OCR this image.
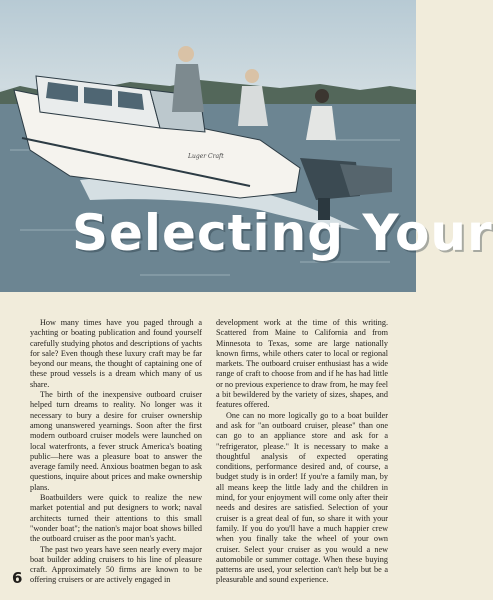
Luger Craft
Selecting Your

How many times have you paged through a yachting or boating publication and found yourself carefully studying photos and descriptions of yachts for sale? Even though these luxury craft may be far beyond our means, the thought of captaining one of these proud vessels is a dream which many of us share.

The birth of the inexpensive outboard cruiser helped turn dreams to reality. No longer was it necessary to bury a desire for cruiser ownership among unanswered yearnings. Soon after the first modern outboard cruiser models were launched on local waterfronts, a fever struck America's boating public—here was a pleasure boat to answer the average family need. Anxious boatmen began to ask questions, inquire about prices and make ownership plans.

Boatbuilders were quick to realize the new market potential and put designers to work; naval architects turned their attentions to this small "wonder boat"; the nation's major boat shows billed the outboard cruiser as the poor man's yacht.

The past two years have seen nearly every major boat builder adding cruisers to his line of pleasure craft. Approximately 50 firms are known to be offering cruisers or are actively engaged in

development work at the time of this writing. Scattered from Maine to California and from Minnesota to Texas, some are large nationally known firms, while others cater to local or regional markets. The outboard cruiser enthusiast has a wide range of craft to choose from and if he has had little or no previous experience to draw from, he may feel a bit bewildered by the variety of sizes, shapes, and features offered.

One can no more logically go to a boat builder and ask for "an outboard cruiser, please" than one can go to an appliance store and ask for a "refrigerator, please." It is necessary to make a thoughtful analysis of expected operating conditions, performance desired and, of course, a budget study is in order! If you're a family man, by all means keep the little lady and the children in mind, for your enjoyment will come only after their needs and desires are satisfied. Selection of your cruiser is a great deal of fun, so share it with your family. If you do you'll have a much happier crew when you finally take the wheel of your own cruiser. Select your cruiser as you would a new automobile or summer cottage. When these buying patterns are used, your selection can't help but be a pleasurable and sound experience.

6
